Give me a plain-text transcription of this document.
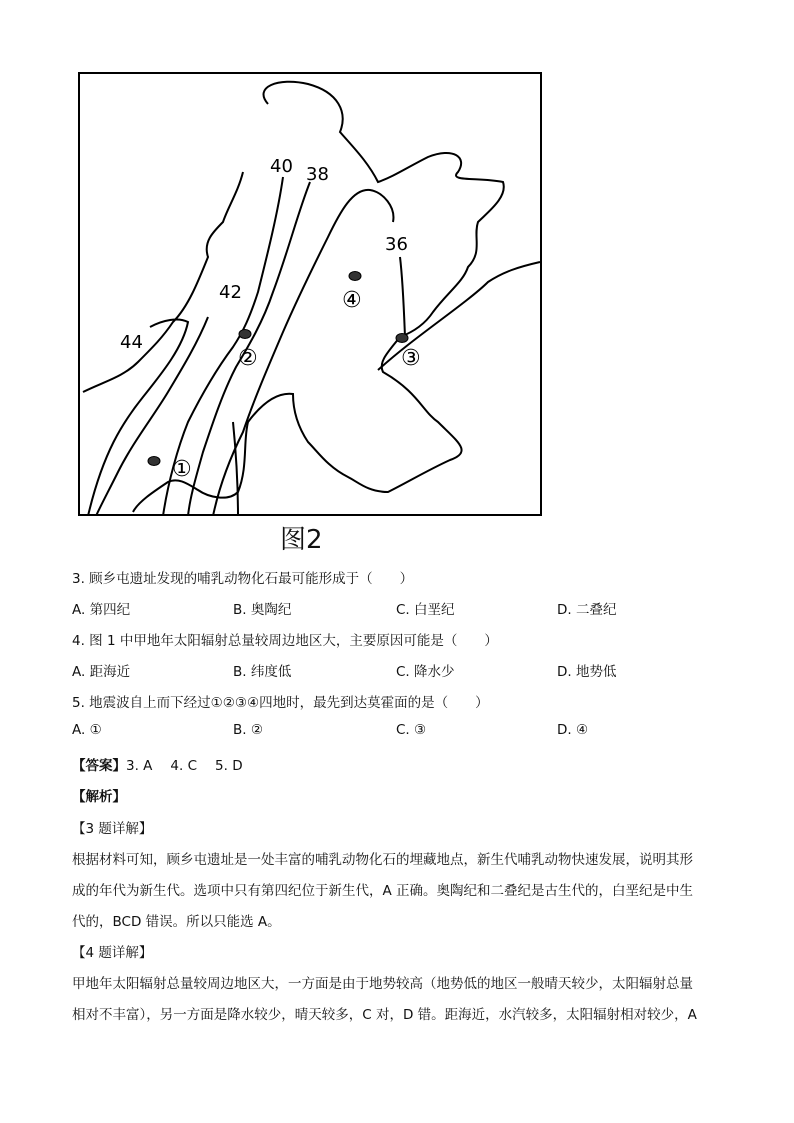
40 38
36
42
44
①
②	③
④
图2
3. 顾乡屯遗址发现的哺乳动物化石最可能形成于（　　）
A. 第四纪	B. 奥陶纪	C. 白垩纪	D. 二叠纪
4. 图 1 中甲地年太阳辐射总量较周边地区大，主要原因可能是（　　）
A. 距海近	B. 纬度低	C. 降水少	D. 地势低
5. 地震波自上而下经过①②③④四地时，最先到达莫霍面的是（　　）
A. ①	B. ②	C. ③	D. ④
【答案】3. A 4. C 5. D
【解析】
【3 题详解】
根据材料可知，顾乡屯遗址是一处丰富的哺乳动物化石的埋藏地点，新生代哺乳动物快速发展，说明其形
成的年代为新生代。选项中只有第四纪位于新生代，A 正确。奥陶纪和二叠纪是古生代的，白垩纪是中生
代的，BCD 错误。所以只能选 A。
【4 题详解】
甲地年太阳辐射总量较周边地区大，一方面是由于地势较高（地势低的地区一般晴天较少，太阳辐射总量
相对不丰富），另一方面是降水较少，晴天较多，C 对，D 错。距海近，水汽较多，太阳辐射相对较少，A
